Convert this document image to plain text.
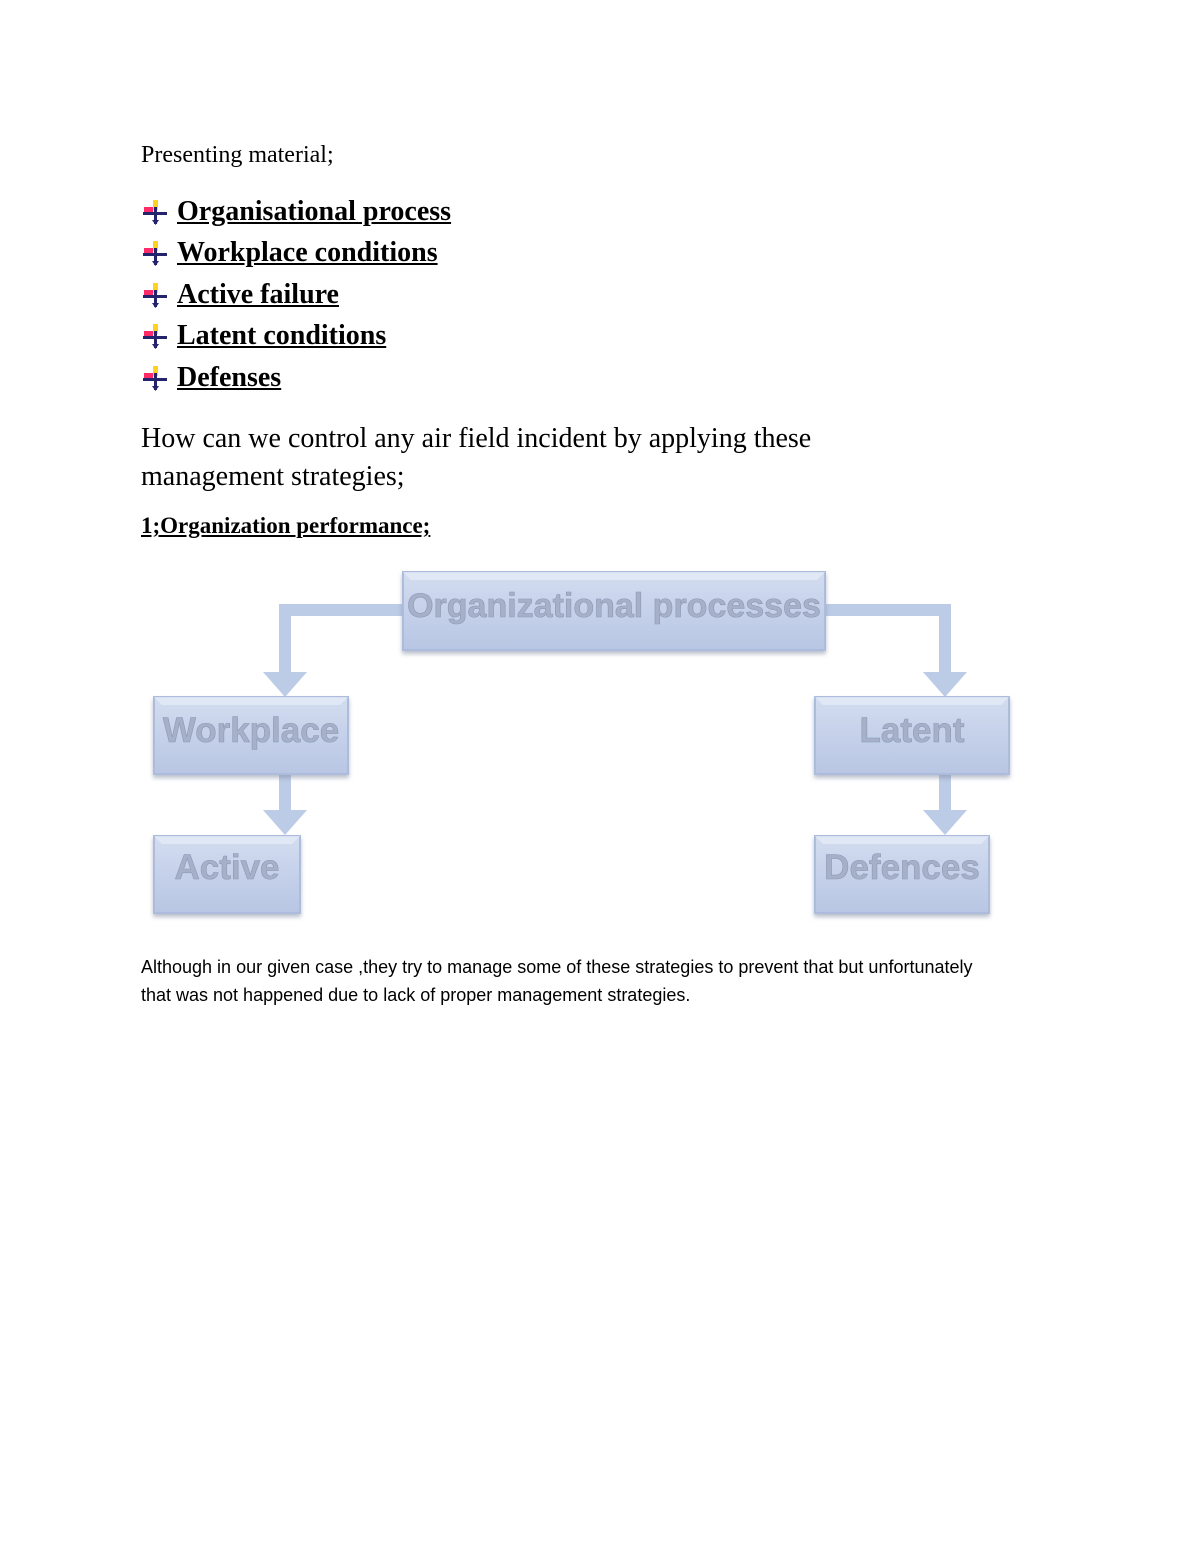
Presenting material;

Organisational process
Workplace conditions
Active failure
Latent conditions
Defenses

How can we control any air field incident by applying these management strategies;

1;Organization performance;

Organizational processes
Workplace	Latent
Active	Defences

Although in our given case ,they try to manage some of these strategies to prevent that but unfortunately that was not happened due to lack of proper management strategies.
